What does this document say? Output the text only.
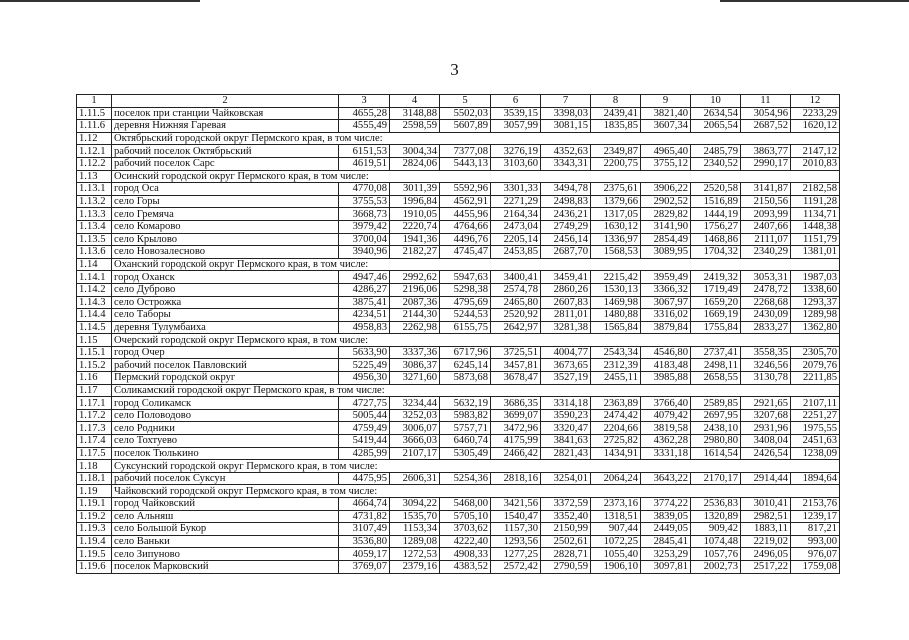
3
1	2	3	4	5	6	7	8	9	10	11	12
1.11.5	поселок при станции Чайковская	4655,28	3148,88	5502,03	3539,15	3398,03	2439,41	3821,40	2634,54	3054,96	2233,29
1.11.6	деревня Нижняя Гаревая	4555,49	2598,59	5607,89	3057,99	3081,15	1835,85	3607,34	2065,54	2687,52	1620,12
1.12	Октябрьский городской округ Пермского края, в том числе:										
1.12.1	рабочий поселок Октябрьский	6151,53	3004,34	7377,08	3276,19	4352,63	2349,87	4965,40	2485,79	3863,77	2147,12
1.12.2	рабочий поселок Сарс	4619,51	2824,06	5443,13	3103,60	3343,31	2200,75	3755,12	2340,52	2990,17	2010,83
1.13	Осинский городской округ Пермского края, в том числе:										
1.13.1	город Оса	4770,08	3011,39	5592,96	3301,33	3494,78	2375,61	3906,22	2520,58	3141,87	2182,58
1.13.2	село Горы	3755,53	1996,84	4562,91	2271,29	2498,83	1379,66	2902,52	1516,89	2150,56	1191,28
1.13.3	село Гремяча	3668,73	1910,05	4455,96	2164,34	2436,21	1317,05	2829,82	1444,19	2093,99	1134,71
1.13.4	село Комарово	3979,42	2220,74	4764,66	2473,04	2749,29	1630,12	3141,90	1756,27	2407,66	1448,38
1.13.5	село Крылово	3700,04	1941,36	4496,76	2205,14	2456,14	1336,97	2854,49	1468,86	2111,07	1151,79
1.13.6	село Новозалесново	3940,96	2182,27	4745,47	2453,85	2687,70	1568,53	3089,95	1704,32	2340,29	1381,01
1.14	Оханский городской округ Пермского края, в том числе:										
1.14.1	город Оханск	4947,46	2992,62	5947,63	3400,41	3459,41	2215,42	3959,49	2419,32	3053,31	1987,03
1.14.2	село Дуброво	4286,27	2196,06	5298,38	2574,78	2860,26	1530,13	3366,32	1719,49	2478,72	1338,60
1.14.3	село Острожка	3875,41	2087,36	4795,69	2465,80	2607,83	1469,98	3067,97	1659,20	2268,68	1293,37
1.14.4	село Таборы	4234,51	2144,30	5244,53	2520,92	2811,01	1480,88	3316,02	1669,19	2430,09	1289,98
1.14.5	деревня Тулумбаиха	4958,83	2262,98	6155,75	2642,97	3281,38	1565,84	3879,84	1755,84	2833,27	1362,80
1.15	Очерский городской округ Пермского края, в том числе:										
1.15.1	город Очер	5633,90	3337,36	6717,96	3725,51	4004,77	2543,34	4546,80	2737,41	3558,35	2305,70
1.15.2	рабочий поселок Павловский	5225,49	3086,37	6245,14	3457,81	3673,65	2312,39	4183,48	2498,11	3246,56	2079,76
1.16	Пермский городской округ	4956,30	3271,60	5873,68	3678,47	3527,19	2455,11	3985,88	2658,55	3130,78	2211,85
1.17	Соликамский городской округ Пермского края, в том числе:										
1.17.1	город Соликамск	4727,75	3234,44	5632,19	3686,35	3314,18	2363,89	3766,40	2589,85	2921,65	2107,11
1.17.2	село Половодово	5005,44	3252,03	5983,82	3699,07	3590,23	2474,42	4079,42	2697,95	3207,68	2251,27
1.17.3	село Родники	4759,49	3006,07	5757,71	3472,96	3320,47	2204,66	3819,58	2438,10	2931,96	1975,55
1.17.4	село Тохтуево	5419,44	3666,03	6460,74	4175,99	3841,63	2725,82	4362,28	2980,80	3408,04	2451,63
1.17.5	поселок Тюлькино	4285,99	2107,17	5305,49	2466,42	2821,43	1434,91	3331,18	1614,54	2426,54	1238,09
1.18	Суксунский городской округ Пермского края, в том числе:										
1.18.1	рабочий поселок Суксун	4475,95	2606,31	5254,36	2818,16	3254,01	2064,24	3643,22	2170,17	2914,44	1894,64
1.19	Чайковский городской округ Пермского края, в том числе:										
1.19.1	город Чайковский	4664,74	3094,22	5468,00	3421,56	3372,59	2373,16	3774,22	2536,83	3010,41	2153,76
1.19.2	село Альняш	4731,82	1535,70	5705,10	1540,47	3352,40	1318,51	3839,05	1320,89	2982,51	1239,17
1.19.3	село Большой Букор	3107,49	1153,34	3703,62	1157,30	2150,99	907,44	2449,05	909,42	1883,11	817,21
1.19.4	село Ваньки	3536,80	1289,08	4222,40	1293,56	2502,61	1072,25	2845,41	1074,48	2219,02	993,00
1.19.5	село Зипуново	4059,17	1272,53	4908,33	1277,25	2828,71	1055,40	3253,29	1057,76	2496,05	976,07
1.19.6	поселок Марковский	3769,07	2379,16	4383,52	2572,42	2790,59	1906,10	3097,81	2002,73	2517,22	1759,08
